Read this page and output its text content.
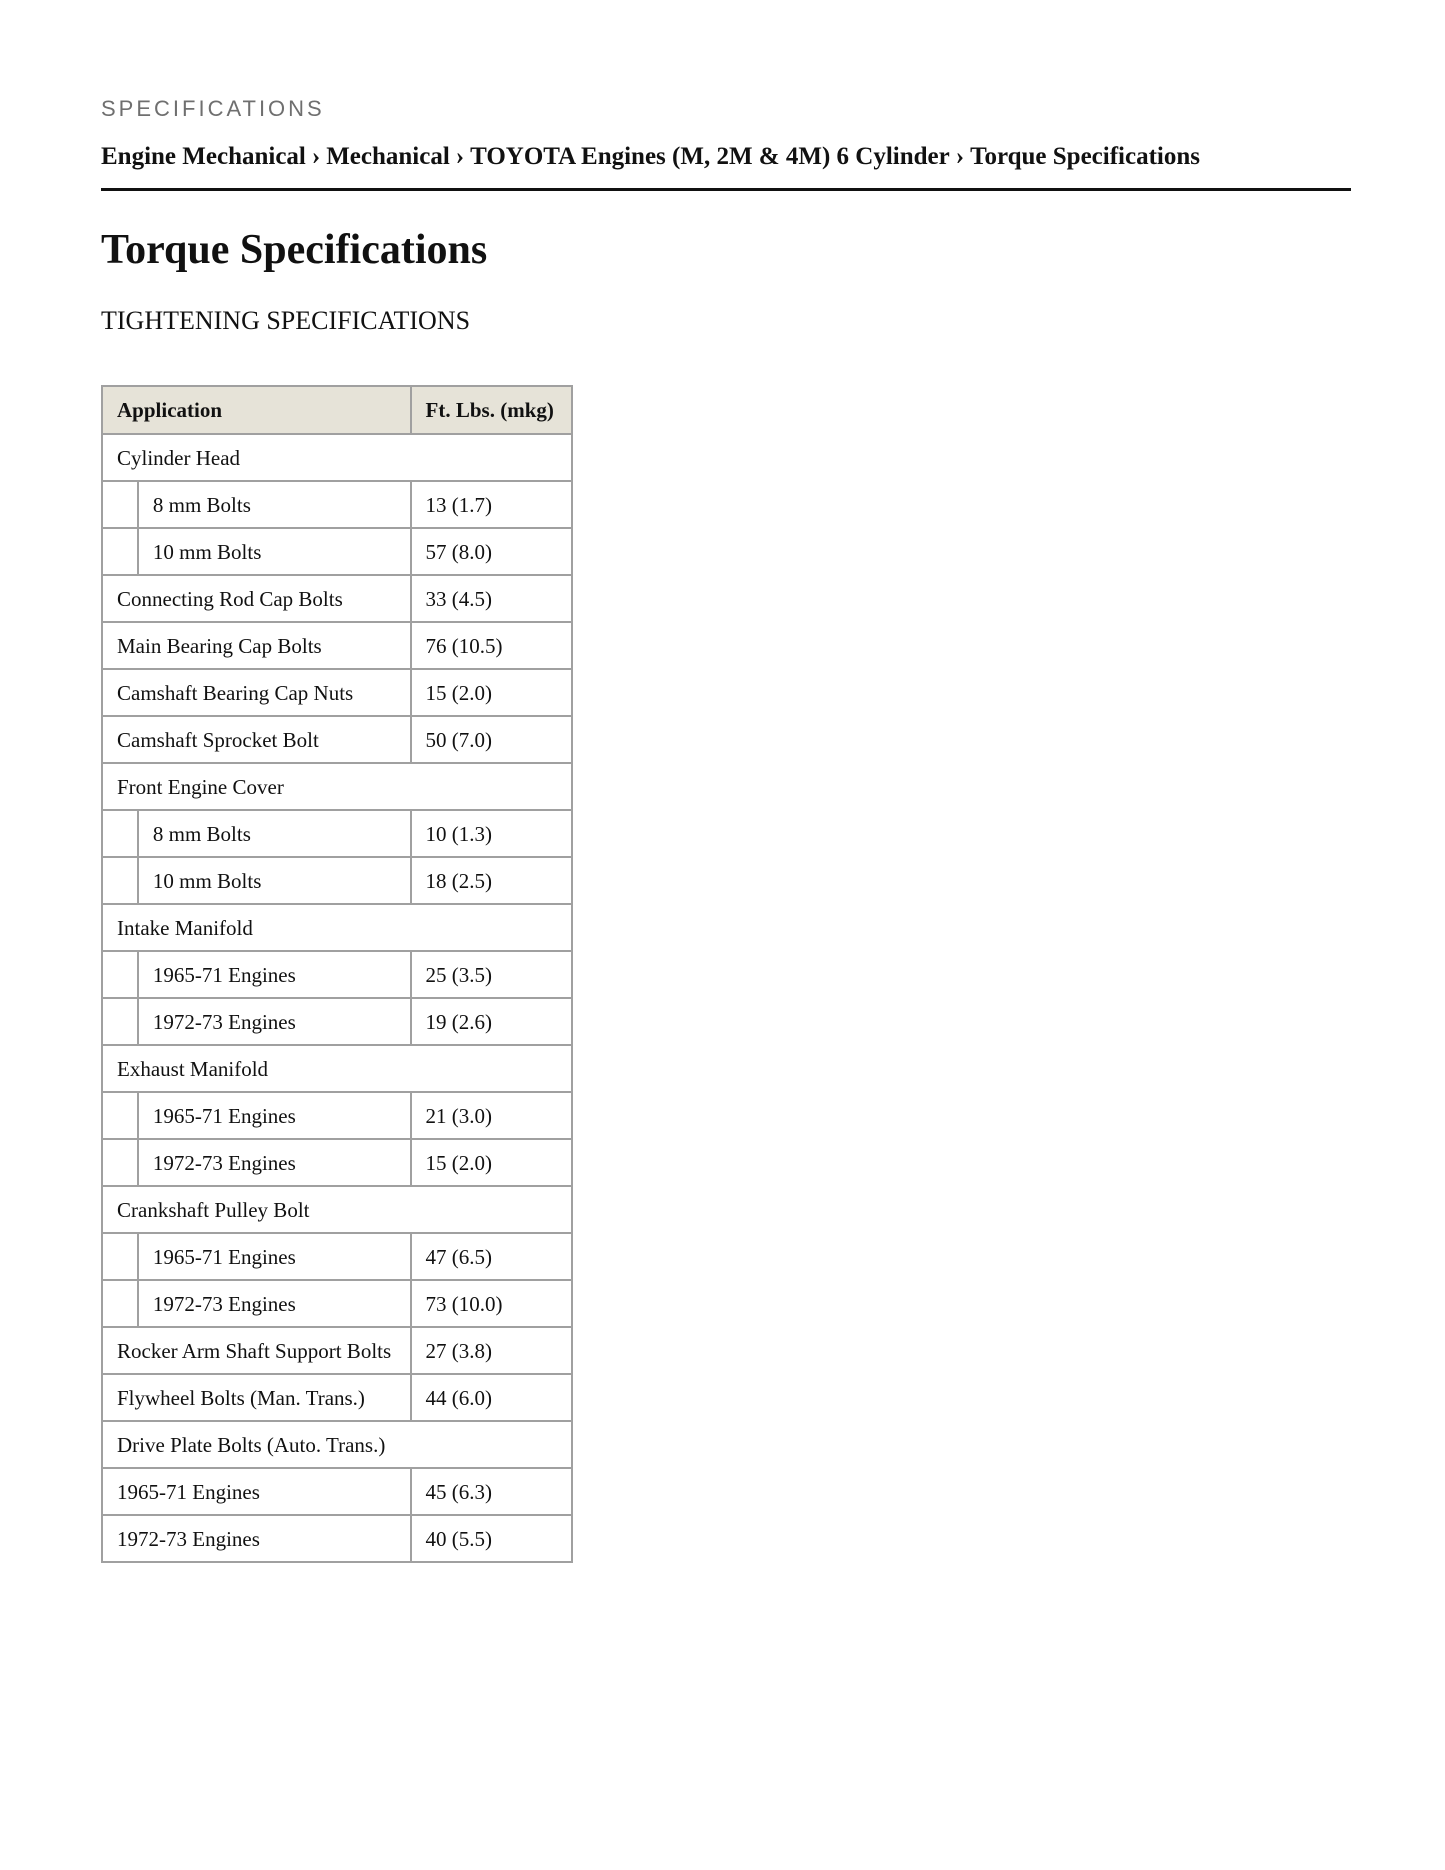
SPECIFICATIONS
Engine Mechanical › Mechanical › TOYOTA Engines (M, 2M & 4M) 6 Cylinder › Torque Specifications
Torque Specifications
TIGHTENING SPECIFICATIONS
Application		Ft. Lbs. (mkg)
Cylinder Head		
	8 mm Bolts	13 (1.7)
	10 mm Bolts	57 (8.0)
Connecting Rod Cap Bolts		33 (4.5)
Main Bearing Cap Bolts		76 (10.5)
Camshaft Bearing Cap Nuts		15 (2.0)
Camshaft Sprocket Bolt		50 (7.0)
Front Engine Cover		
	8 mm Bolts	10 (1.3)
	10 mm Bolts	18 (2.5)
Intake Manifold		
	1965-71 Engines	25 (3.5)
	1972-73 Engines	19 (2.6)
Exhaust Manifold		
	1965-71 Engines	21 (3.0)
	1972-73 Engines	15 (2.0)
Crankshaft Pulley Bolt		
	1965-71 Engines	47 (6.5)
	1972-73 Engines	73 (10.0)
Rocker Arm Shaft Support Bolts		27 (3.8)
Flywheel Bolts (Man. Trans.)		44 (6.0)
Drive Plate Bolts (Auto. Trans.)		
1965-71 Engines		45 (6.3)
1972-73 Engines		40 (5.5)
